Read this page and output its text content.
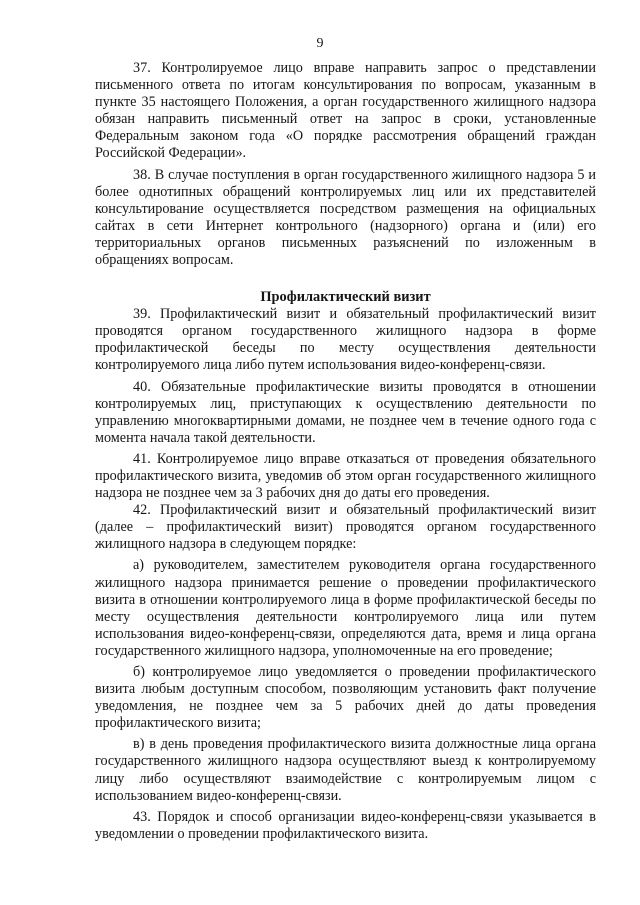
9

37. Контролируемое лицо вправе направить запрос о представлении письменного ответа по итогам консультирования по вопросам, указанным в пункте 35 настоящего Положения, а орган государственного жилищного надзора обязан направить письменный ответ на запрос в сроки, установленные Федеральным законом года «О порядке рассмотрения обращений граждан Российской Федерации».

38. В случае поступления в орган государственного жилищного надзора 5 и более однотипных обращений контролируемых лиц или их представителей консультирование осуществляется посредством размещения на официальных сайтах в сети Интернет контрольного (надзорного) органа и (или) его территориальных органов письменных разъяснений по изложенным в обращениях вопросам.

Профилактический визит

39. Профилактический визит и обязательный профилактический визит проводятся органом государственного жилищного надзора в форме профилактической беседы по месту осуществления деятельности контролируемого лица либо путем использования видео-конференц-связи.

40. Обязательные профилактические визиты проводятся в отношении контролируемых лиц, приступающих к осуществлению деятельности по управлению многоквартирными домами, не позднее чем в течение одного года с момента начала такой деятельности.

41. Контролируемое лицо вправе отказаться от проведения обязательного профилактического визита, уведомив об этом орган государственного жилищного надзора не позднее чем за 3 рабочих дня до даты его проведения.

42. Профилактический визит и обязательный профилактический визит (далее – профилактический визит) проводятся органом государственного жилищного надзора в следующем порядке:

а) руководителем, заместителем руководителя органа государственного жилищного надзора принимается решение о проведении профилактического визита в отношении контролируемого лица в форме профилактической беседы по месту осуществления деятельности контролируемого лица или путем использования видео-конференц-связи, определяются дата, время и лица органа государственного жилищного надзора, уполномоченные на его проведение;

б) контролируемое лицо уведомляется о проведении профилактического визита любым доступным способом, позволяющим установить факт получение уведомления, не позднее чем за 5 рабочих дней до даты проведения профилактического визита;

в) в день проведения профилактического визита должностные лица органа государственного жилищного надзора осуществляют выезд к контролируемому лицу либо осуществляют взаимодействие с контролируемым лицом с использованием видео-конференц-связи.

43. Порядок и способ организации видео-конференц-связи указывается в уведомлении о проведении профилактического визита.
